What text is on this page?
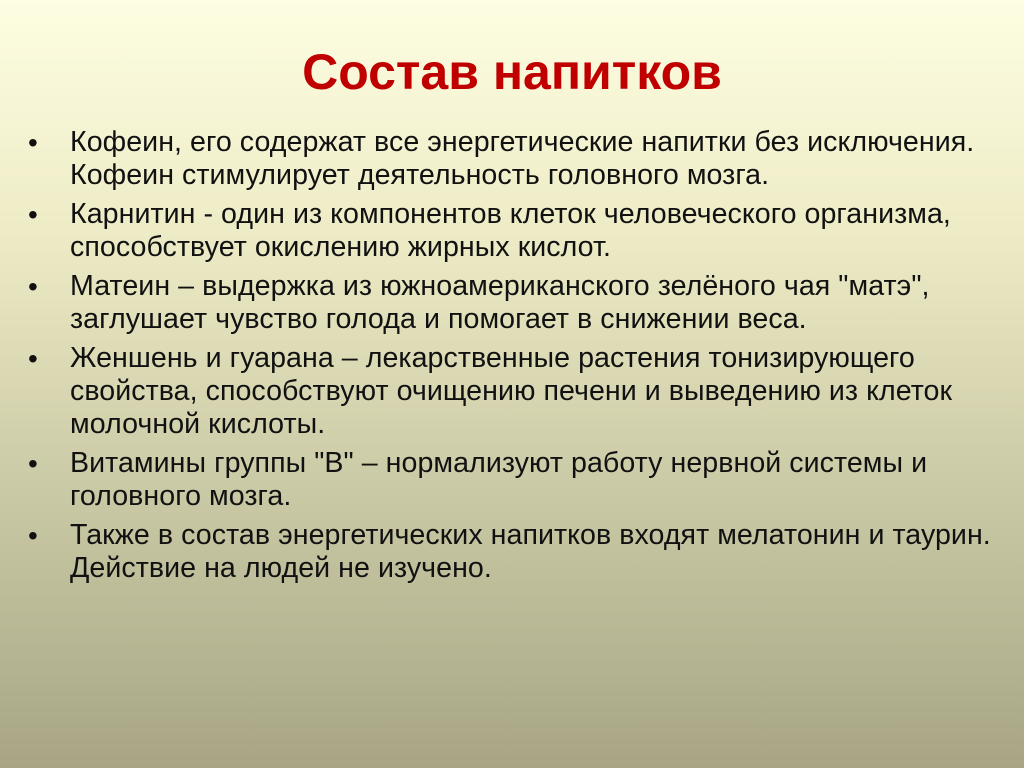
Состав напитков
•	Кофеин, его содержат все энергетические напитки без исключения. Кофеин стимулирует деятельность головного мозга.
•	Карнитин - один из компонентов клеток человеческого организма, способствует окислению жирных кислот.
•	Матеин – выдержка из южноамериканского зелёного чая "матэ", заглушает чувство голода и помогает в снижении веса.
•	Женшень и гуарана – лекарственные растения тонизирующего свойства, способствуют очищению печени и выведению из клеток молочной кислоты.
•	Витамины группы "В" – нормализуют работу нервной системы и головного мозга.
•	Также в состав энергетических напитков входят мелатонин и таурин. Действие на людей не изучено.
